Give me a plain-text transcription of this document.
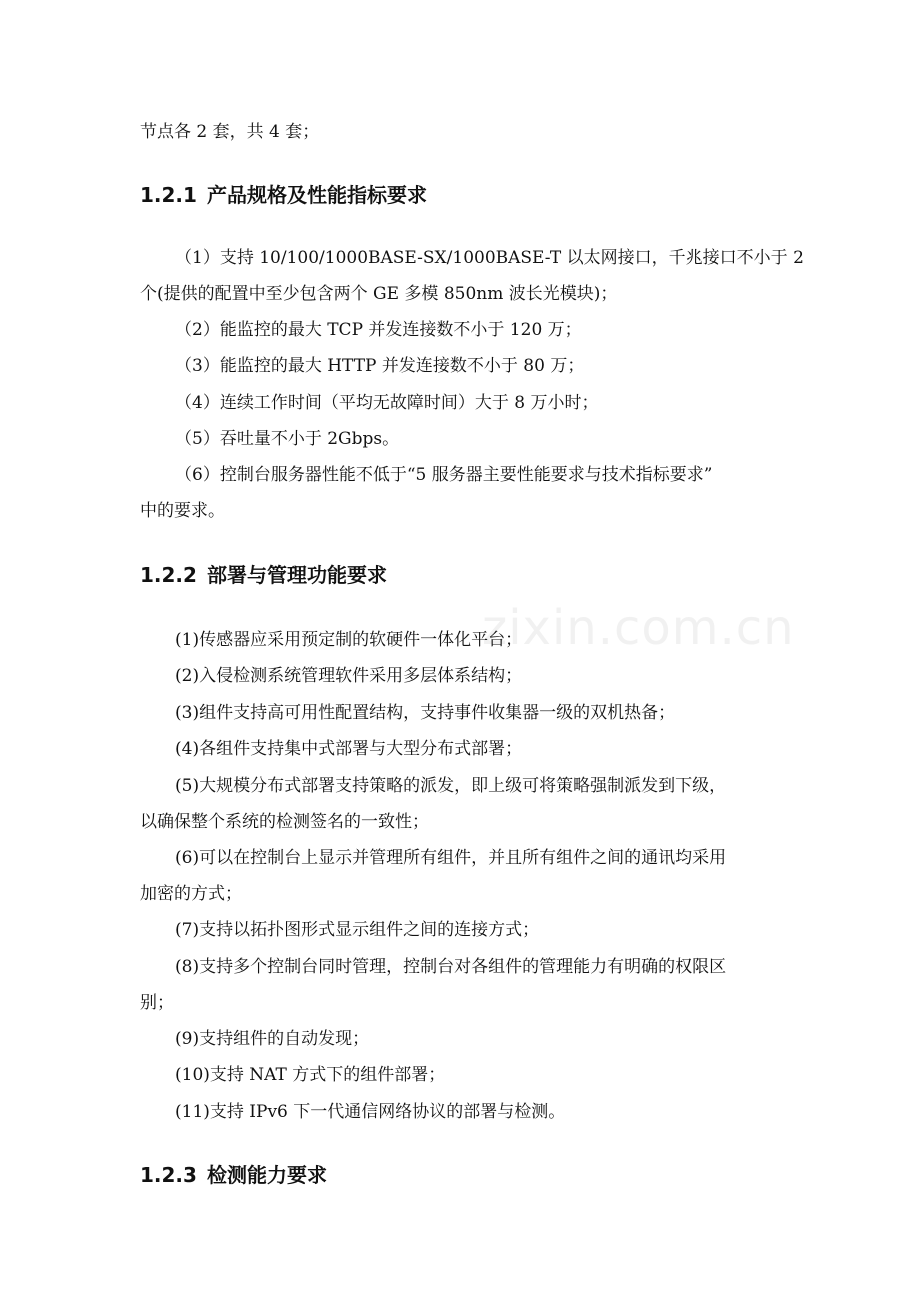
zixin.com.cn
节点各 2 套，共 4 套；
1.2.1 产品规格及性能指标要求
（1）支持 10/100/1000BASE-SX/1000BASE-T 以太网接口，千兆接口不小于 2
个(提供的配置中至少包含两个 GE 多模 850nm 波长光模块)；
（2）能监控的最大 TCP 并发连接数不小于 120 万；
（3）能监控的最大 HTTP 并发连接数不小于 80 万；
（4）连续工作时间（平均无故障时间）大于 8 万小时；
（5）吞吐量不小于 2Gbps。
（6）控制台服务器性能不低于“5 服务器主要性能要求与技术指标要求”
中的要求。
1.2.2 部署与管理功能要求
(1)传感器应采用预定制的软硬件一体化平台；
(2)入侵检测系统管理软件采用多层体系结构；
(3)组件支持高可用性配置结构，支持事件收集器一级的双机热备；
(4)各组件支持集中式部署与大型分布式部署；
(5)大规模分布式部署支持策略的派发，即上级可将策略强制派发到下级，
以确保整个系统的检测签名的一致性；
(6)可以在控制台上显示并管理所有组件，并且所有组件之间的通讯均采用
加密的方式；
(7)支持以拓扑图形式显示组件之间的连接方式；
(8)支持多个控制台同时管理，控制台对各组件的管理能力有明确的权限区
别；
(9)支持组件的自动发现；
(10)支持 NAT 方式下的组件部署；
(11)支持 IPv6 下一代通信网络协议的部署与检测。
1.2.3 检测能力要求
